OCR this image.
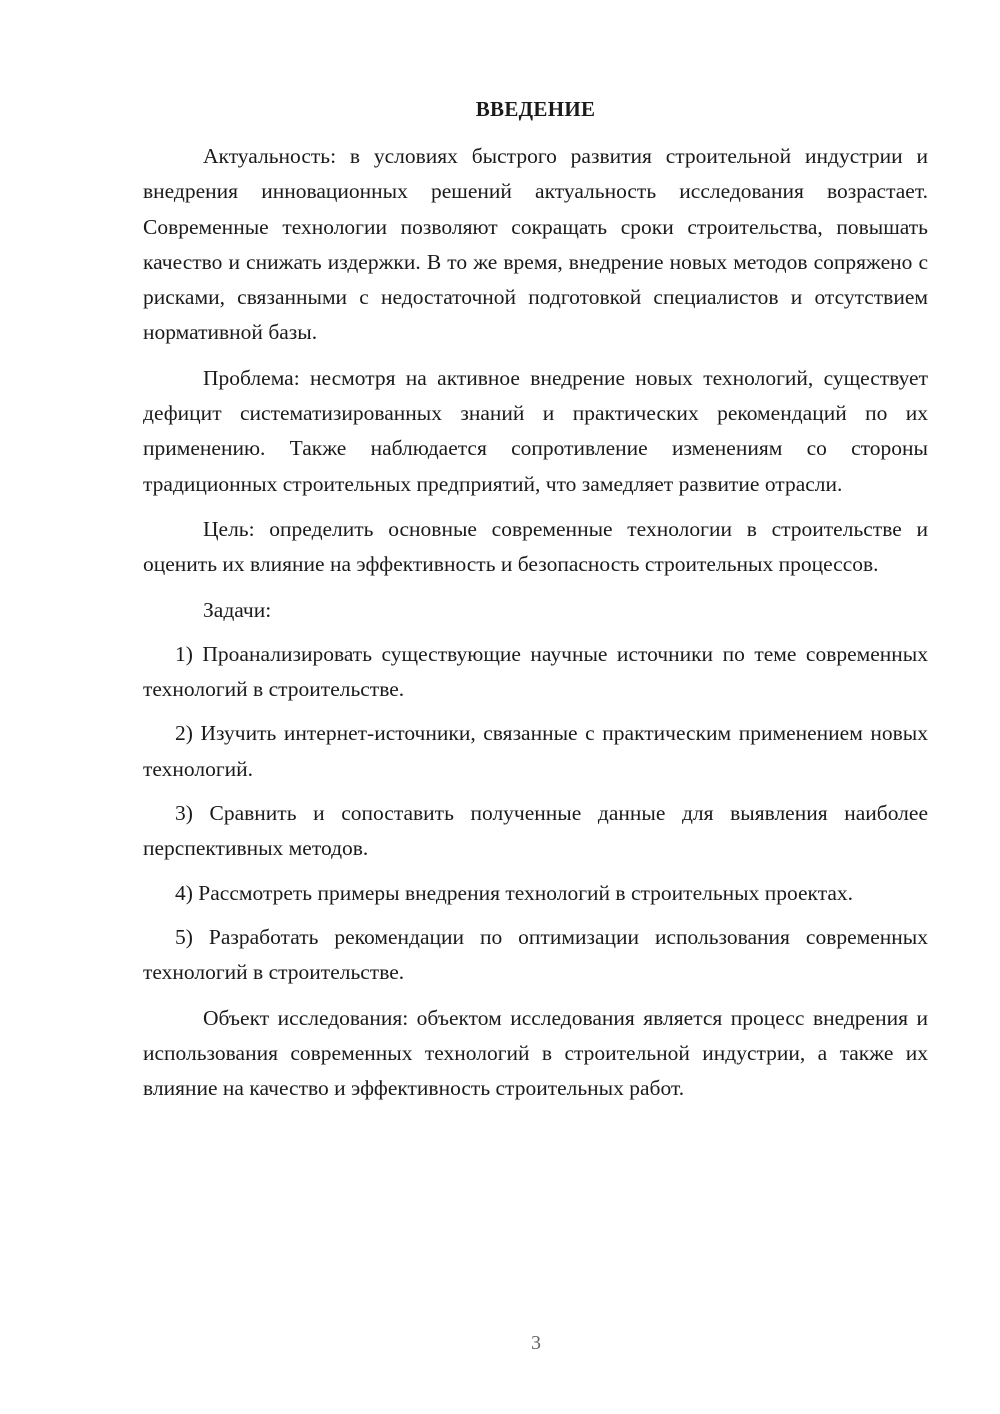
ВВЕДЕНИЕ

Актуальность: в условиях быстрого развития строительной индустрии и внедрения инновационных решений актуальность исследования возрастает. Современные технологии позволяют сокращать сроки строительства, повышать качество и снижать издержки. В то же время, внедрение новых методов сопряжено с рисками, связанными с недостаточной подготовкой специалистов и отсутствием нормативной базы.

Проблема: несмотря на активное внедрение новых технологий, существует дефицит систематизированных знаний и практических рекомендаций по их применению. Также наблюдается сопротивление изменениям со стороны традиционных строительных предприятий, что замедляет развитие отрасли.

Цель: определить основные современные технологии в строительстве и оценить их влияние на эффективность и безопасность строительных процессов.

Задачи:

1) Проанализировать существующие научные источники по теме современных технологий в строительстве.

2) Изучить интернет-источники, связанные с практическим применением новых технологий.

3) Сравнить и сопоставить полученные данные для выявления наиболее перспективных методов.

4) Рассмотреть примеры внедрения технологий в строительных проектах.

5) Разработать рекомендации по оптимизации использования современных технологий в строительстве.

Объект исследования: объектом исследования является процесс внедрения и использования современных технологий в строительной индустрии, а также их влияние на качество и эффективность строительных работ.

3
